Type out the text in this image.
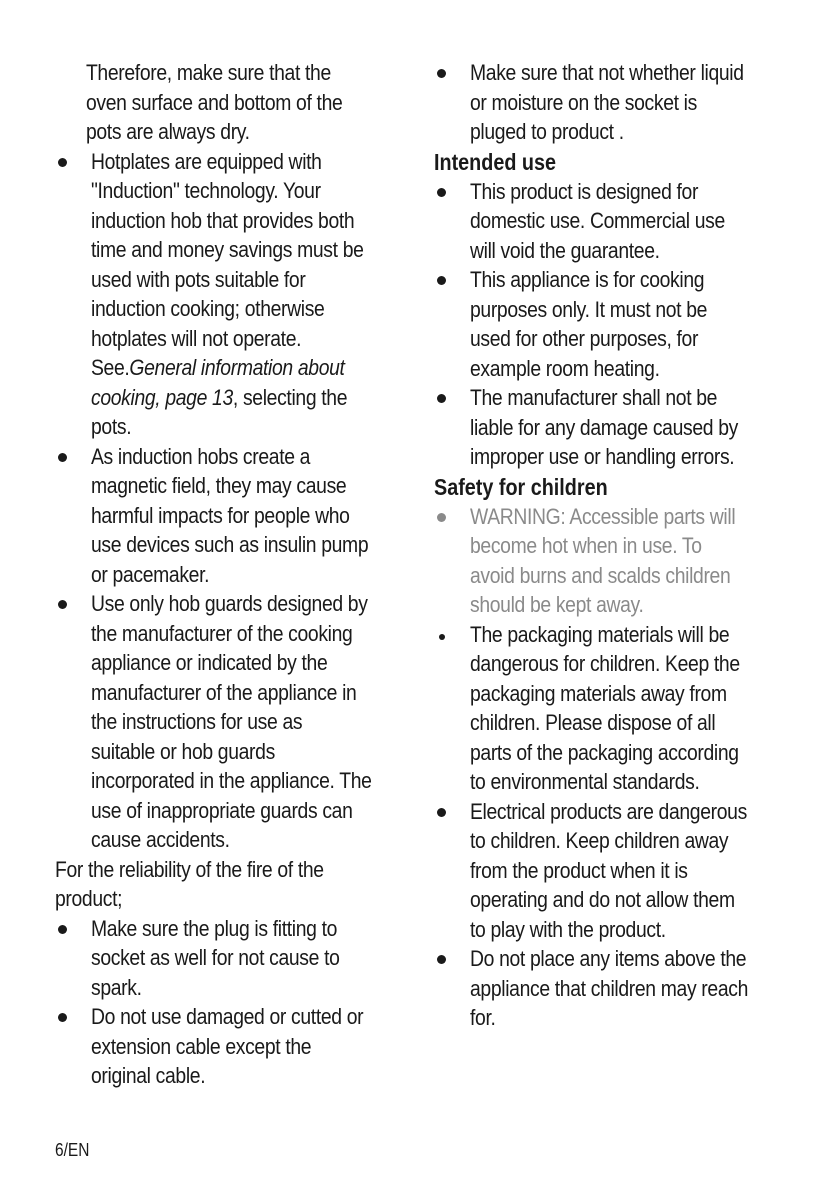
Therefore, make sure that the
oven surface and bottom of the
pots are always dry.
Hotplates are equipped with
"Induction" technology. Your
induction hob that provides both
time and money savings must be
used with pots suitable for
induction cooking; otherwise
hotplates will not operate.
See.General information about
cooking, page 13, selecting the
pots.
As induction hobs create a
magnetic field, they may cause
harmful impacts for people who
use devices such as insulin pump
or pacemaker.
Use only hob guards designed by
the manufacturer of the cooking
appliance or indicated by the
manufacturer of the appliance in
the instructions for use as
suitable or hob guards
incorporated in the appliance. The
use of inappropriate guards can
cause accidents.
For the reliability of the fire of the
product;
Make sure the plug is fitting to
socket as well for not cause to
spark.
Do not use damaged or cutted or
extension cable except the
original cable.
Make sure that not whether liquid
or moisture on the socket is
pluged to product .
Intended use
This product is designed for
domestic use. Commercial use
will void the guarantee.
This appliance is for cooking
purposes only. It must not be
used for other purposes, for
example room heating.
The manufacturer shall not be
liable for any damage caused by
improper use or handling errors.
Safety for children
WARNING: Accessible parts will
become hot when in use. To
avoid burns and scalds children
should be kept away.
The packaging materials will be
dangerous for children. Keep the
packaging materials away from
children. Please dispose of all
parts of the packaging according
to environmental standards.
Electrical products are dangerous
to children. Keep children away
from the product when it is
operating and do not allow them
to play with the product.
Do not place any items above the
appliance that children may reach
for.
6/EN
